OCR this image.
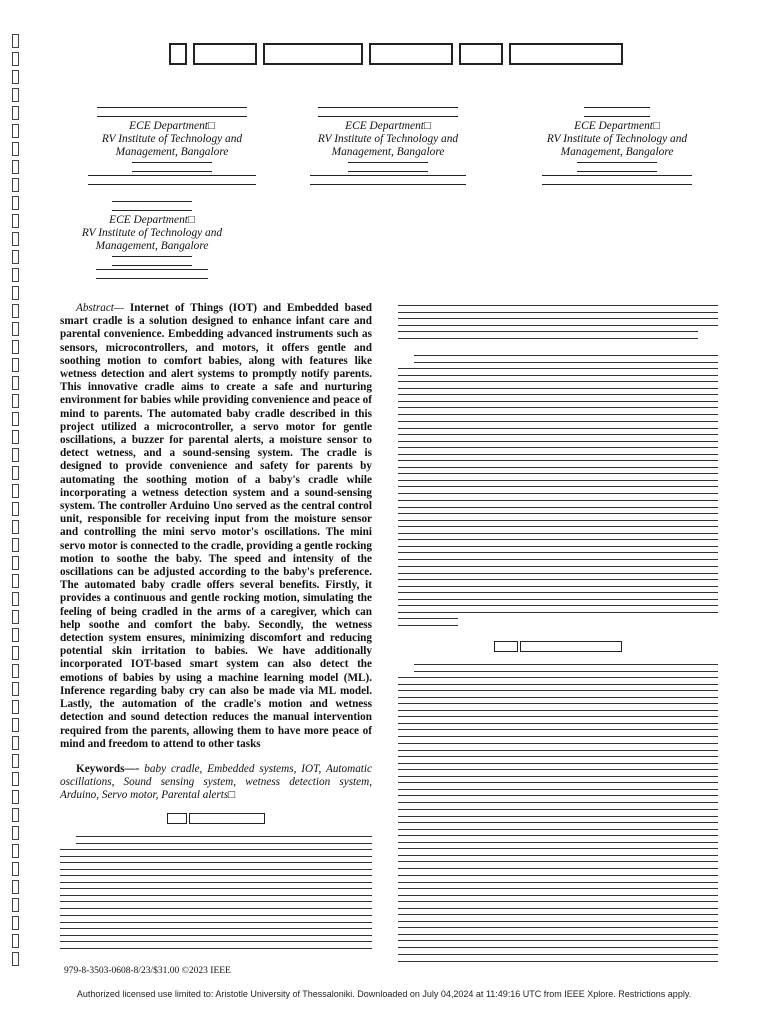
ECE Department□
RV Institute of Technology and
Management, Bangalore
ECE Department□
RV Institute of Technology and
Management, Bangalore
ECE Department□
RV Institute of Technology and
Management, Bangalore
ECE Department□
RV Institute of Technology and
Management, Bangalore
Abstract— Internet of Things (IOT) and Embedded based smart cradle is a solution designed to enhance infant care and parental convenience. Embedding advanced instruments such as sensors, microcontrollers, and motors, it offers gentle and soothing motion to comfort babies, along with features like wetness detection and alert systems to promptly notify parents. This innovative cradle aims to create a safe and nurturing environment for babies while providing convenience and peace of mind to parents. The automated baby cradle described in this project utilized a microcontroller, a servo motor for gentle oscillations, a buzzer for parental alerts, a moisture sensor to detect wetness, and a sound-sensing system. The cradle is designed to provide convenience and safety for parents by automating the soothing motion of a baby's cradle while incorporating a wetness detection system and a sound-sensing system. The controller Arduino Uno served as the central control unit, responsible for receiving input from the moisture sensor and controlling the mini servo motor's oscillations. The mini servo motor is connected to the cradle, providing a gentle rocking motion to soothe the baby. The speed and intensity of the oscillations can be adjusted according to the baby's preference. The automated baby cradle offers several benefits. Firstly, it provides a continuous and gentle rocking motion, simulating the feeling of being cradled in the arms of a caregiver, which can help soothe and comfort the baby. Secondly, the wetness detection system ensures, minimizing discomfort and reducing potential skin irritation to babies. We have additionally incorporated IOT-based smart system can also detect the emotions of babies by using a machine learning model (ML). Inference regarding baby cry can also be made via ML model. Lastly, the automation of the cradle's motion and wetness detection and sound detection reduces the manual intervention required from the parents, allowing them to have more peace of mind and freedom to attend to other tasks
Keywords—- baby cradle, Embedded systems, IOT, Automatic oscillations, Sound sensing system, wetness detection system, Arduino, Servo motor, Parental alerts□

979-8-3503-0608-8/23/$31.00 ©2023 IEEE
Authorized licensed use limited to: Aristotle University of Thessaloniki. Downloaded on July 04,2024 at 11:49:16 UTC from IEEE Xplore. Restrictions apply.
